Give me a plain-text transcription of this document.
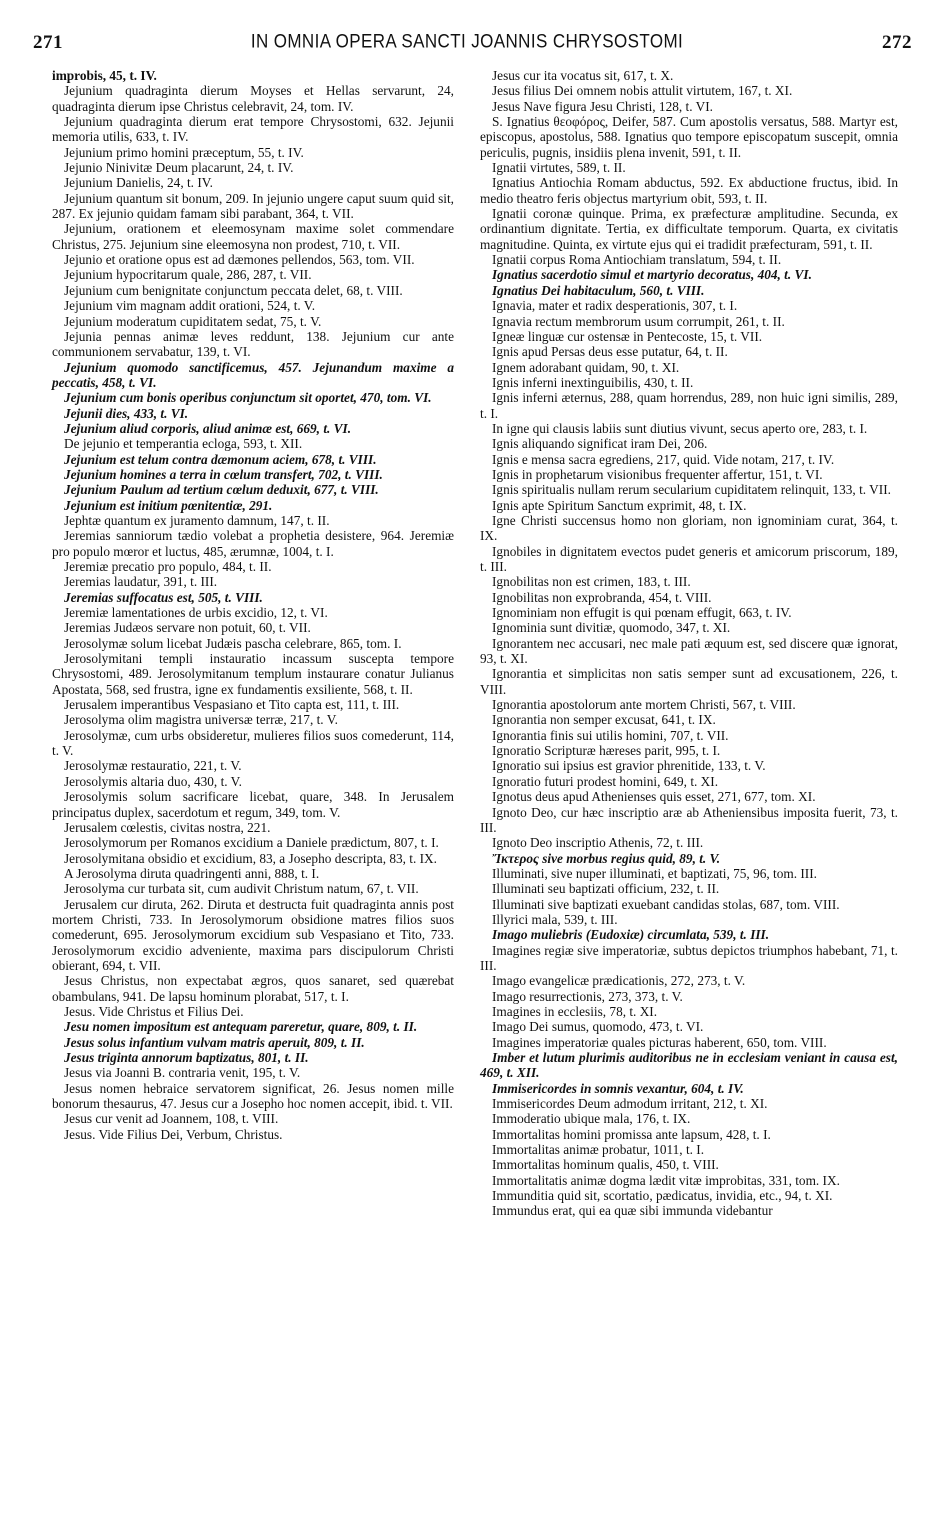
271	IN OMNIA OPERA SANCTI JOANNIS CHRYSOSTOMI	272

improbis, 45, t. IV.

Jejunium quadraginta dierum Moyses et Hellas servarunt, 24, quadraginta dierum ipse Christus celebravit, 24, tom. IV.

Jejunium quadraginta dierum erat tempore Chrysostomi, 632. Jejunii memoria utilis, 633, t. IV.

Jejunium primo homini præceptum, 55, t. IV.

Jejunio Ninivitæ Deum placarunt, 24, t. IV.

Jejunium Danielis, 24, t. IV.

Jejunium quantum sit bonum, 209. In jejunio ungere caput suum quid sit, 287. Ex jejunio quidam famam sibi parabant, 364, t. VII.

Jejunium, orationem et eleemosynam maxime solet commendare Christus, 275. Jejunium sine eleemosyna non prodest, 710, t. VII.

Jejunio et oratione opus est ad dæmones pellendos, 563, tom. VII.

Jejunium hypocritarum quale, 286, 287, t. VII.

Jejunium cum benignitate conjunctum peccata delet, 68, t. VIII.

Jejunium vim magnam addit orationi, 524, t. V.

Jejunium moderatum cupiditatem sedat, 75, t. V.

Jejunia pennas animæ leves reddunt, 138. Jejunium cur ante communionem servabatur, 139, t. VI.

Jejunium quomodo sanctificemus, 457. Jejunandum maxime a peccatis, 458, t. VI.

Jejunium cum bonis operibus conjunctum sit oportet, 470, tom. VI.

Jejunii dies, 433, t. VI.

Jejunium aliud corporis, aliud animæ est, 669, t. VI.

De jejunio et temperantia ecloga, 593, t. XII.

Jejunium est telum contra dæmonum aciem, 678, t. VIII.

Jejunium homines a terra in cœlum transfert, 702, t. VIII.

Jejunium Paulum ad tertium cœlum deduxit, 677, t. VIII.

Jejunium est initium pœnitentiæ, 291.

Jephtæ quantum ex juramento damnum, 147, t. II.

Jeremias sanniorum tædio volebat a prophetia desistere, 964. Jeremiæ pro populo mœror et luctus, 485, ærumnæ, 1004, t. I.

Jeremiæ precatio pro populo, 484, t. II.

Jeremias laudatur, 391, t. III.

Jeremias suffocatus est, 505, t. VIII.

Jeremiæ lamentationes de urbis excidio, 12, t. VI.

Jeremias Judæos servare non potuit, 60, t. VII.

Jerosolymæ solum licebat Judæis pascha celebrare, 865, tom. I.

Jerosolymitani templi instauratio incassum suscepta tempore Chrysostomi, 489. Jerosolymitanum templum instaurare conatur Julianus Apostata, 568, sed frustra, igne ex fundamentis exsiliente, 568, t. II.

Jerusalem imperantibus Vespasiano et Tito capta est, 111, t. III.

Jerosolyma olim magistra universæ terræ, 217, t. V.

Jerosolymæ, cum urbs obsideretur, mulieres filios suos comederunt, 114, t. V.

Jerosolymæ restauratio, 221, t. V.

Jerosolymis altaria duo, 430, t. V.

Jerosolymis solum sacrificare licebat, quare, 348. In Jerusalem principatus duplex, sacerdotum et regum, 349, tom. V.

Jerusalem cœlestis, civitas nostra, 221.

Jerosolymorum per Romanos excidium a Daniele prædictum, 807, t. I.

Jerosolymitana obsidio et excidium, 83, a Josepho descripta, 83, t. IX.

A Jerosolyma diruta quadringenti anni, 888, t. I.

Jerosolyma cur turbata sit, cum audivit Christum natum, 67, t. VII.

Jerusalem cur diruta, 262. Diruta et destructa fuit quadraginta annis post mortem Christi, 733. In Jerosolymorum obsidione matres filios suos comederunt, 695. Jerosolymorum excidium sub Vespasiano et Tito, 733. Jerosolymorum excidio adveniente, maxima pars discipulorum Christi obierant, 694, t. VII.

Jesus Christus, non expectabat ægros, quos sanaret, sed quærebat obambulans, 941. De lapsu hominum plorabat, 517, t. I.

Jesus. Vide Christus et Filius Dei.

Jesu nomen impositum est antequam pareretur, quare, 809, t. II.

Jesus solus infantium vulvam matris aperuit, 809, t. II.

Jesus triginta annorum baptizatus, 801, t. II.

Jesus via Joanni B. contraria venit, 195, t. V.

Jesus nomen hebraice servatorem significat, 26. Jesus nomen mille bonorum thesaurus, 47. Jesus cur a Josepho hoc nomen accepit, ibid. t. VII.

Jesus cur venit ad Joannem, 108, t. VIII.

Jesus. Vide Filius Dei, Verbum, Christus.

Jesus cur ita vocatus sit, 617, t. X.

Jesus filius Dei omnem nobis attulit virtutem, 167, t. XI.

Jesus Nave figura Jesu Christi, 128, t. VI.

S. Ignatius θεοφόρος, Deifer, 587. Cum apostolis versatus, 588. Martyr est, episcopus, apostolus, 588. Ignatius quo tempore episcopatum suscepit, omnia periculis, pugnis, insidiis plena invenit, 591, t. II.

Ignatii virtutes, 589, t. II.

Ignatius Antiochia Romam abductus, 592. Ex abductione fructus, ibid. In medio theatro feris objectus martyrium obit, 593, t. II.

Ignatii coronæ quinque. Prima, ex præfecturæ amplitudine. Secunda, ex ordinantium dignitate. Tertia, ex difficultate temporum. Quarta, ex civitatis magnitudine. Quinta, ex virtute ejus qui ei tradidit præfecturam, 591, t. II.

Ignatii corpus Roma Antiochiam translatum, 594, t. II.

Ignatius sacerdotio simul et martyrio decoratus, 404, t. VI.

Ignatius Dei habitaculum, 560, t. VIII.

Ignavia, mater et radix desperationis, 307, t. I.

Ignavia rectum membrorum usum corrumpit, 261, t. II.

Igneæ linguæ cur ostensæ in Pentecoste, 15, t. VII.

Ignis apud Persas deus esse putatur, 64, t. II.

Ignem adorabant quidam, 90, t. XI.

Ignis inferni inextinguibilis, 430, t. II.

Ignis inferni æternus, 288, quam horrendus, 289, non huic igni similis, 289, t. I.

In igne qui clausis labiis sunt diutius vivunt, secus aperto ore, 283, t. I.

Ignis aliquando significat iram Dei, 206.

Ignis e mensa sacra egrediens, 217, quid. Vide notam, 217, t. IV.

Ignis in prophetarum visionibus frequenter affertur, 151, t. VI.

Ignis spiritualis nullam rerum secularium cupiditatem relinquit, 133, t. VII.

Ignis apte Spiritum Sanctum exprimit, 48, t. IX.

Igne Christi succensus homo non gloriam, non ignominiam curat, 364, t. IX.

Ignobiles in dignitatem evectos pudet generis et amicorum priscorum, 189, t. III.

Ignobilitas non est crimen, 183, t. III.

Ignobilitas non exprobranda, 454, t. VIII.

Ignominiam non effugit is qui pœnam effugit, 663, t. IV.

Ignominia sunt divitiæ, quomodo, 347, t. XI.

Ignorantem nec accusari, nec male pati æquum est, sed discere quæ ignorat, 93, t. XI.

Ignorantia et simplicitas non satis semper sunt ad excusationem, 226, t. VIII.

Ignorantia apostolorum ante mortem Christi, 567, t. VIII.

Ignorantia non semper excusat, 641, t. IX.

Ignorantia finis sui utilis homini, 707, t. VII.

Ignoratio Scripturæ hæreses parit, 995, t. I.

Ignoratio sui ipsius est gravior phrenitide, 133, t. V.

Ignoratio futuri prodest homini, 649, t. XI.

Ignotus deus apud Athenienses quis esset, 271, 677, tom. XI.

Ignoto Deo, cur hæc inscriptio aræ ab Atheniensibus imposita fuerit, 73, t. III.

Ignoto Deo inscriptio Athenis, 72, t. III.

Ἴκτερος sive morbus regius quid, 89, t. V.

Illuminati, sive nuper illuminati, et baptizati, 75, 96, tom. III.

Illuminati seu baptizati officium, 232, t. II.

Illuminati sive baptizati exuebant candidas stolas, 687, tom. VIII.

Illyrici mala, 539, t. III.

Imago muliebris (Eudoxiæ) circumlata, 539, t. III.

Imagines regiæ sive imperatoriæ, subtus depictos triumphos habebant, 71, t. III.

Imago evangelicæ prædicationis, 272, 273, t. V.

Imago resurrectionis, 273, 373, t. V.

Imagines in ecclesiis, 78, t. XI.

Imago Dei sumus, quomodo, 473, t. VI.

Imagines imperatoriæ quales picturas haberent, 650, tom. VIII.

Imber et lutum plurimis auditoribus ne in ecclesiam veniant in causa est, 469, t. XII.

Immisericordes in somnis vexantur, 604, t. IV.

Immisericordes Deum admodum irritant, 212, t. XI.

Immoderatio ubique mala, 176, t. IX.

Immortalitas homini promissa ante lapsum, 428, t. I.

Immortalitas animæ probatur, 1011, t. I.

Immortalitas hominum qualis, 450, t. VIII.

Immortalitatis animæ dogma lædit vitæ improbitas, 331, tom. IX.

Immunditia quid sit, scortatio, pædicatus, invidia, etc., 94, t. XI.

Immundus erat, qui ea quæ sibi immunda videbantur
